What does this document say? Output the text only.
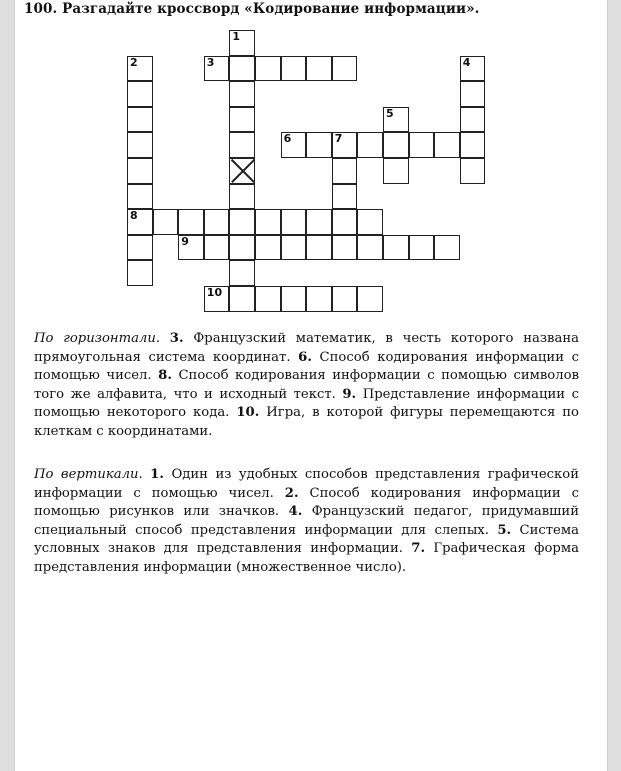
100. Разгадайте кроссворд «Кодирование информации».
1
2
8
3	4
5
6	7
9
10

По горизонтали. 3. Французский математик, в честь которого названа прямоугольная система координат. 6. Способ кодирования информации с помощью чисел. 8. Способ кодирования информации с помощью символов того же алфавита, что и исходный текст. 9. Представление информации с помощью некоторого кода. 10. Игра, в которой фигуры перемещаются по клеткам с координатами.

По вертикали. 1. Один из удобных способов представления графической информации с помощью чисел. 2. Способ кодирования информации с помощью рисунков или значков. 4. Французский педагог, придумавший специальный способ представления информации для слепых. 5. Система условных знаков для представления информации. 7. Графическая форма представления информации (множественное число).
